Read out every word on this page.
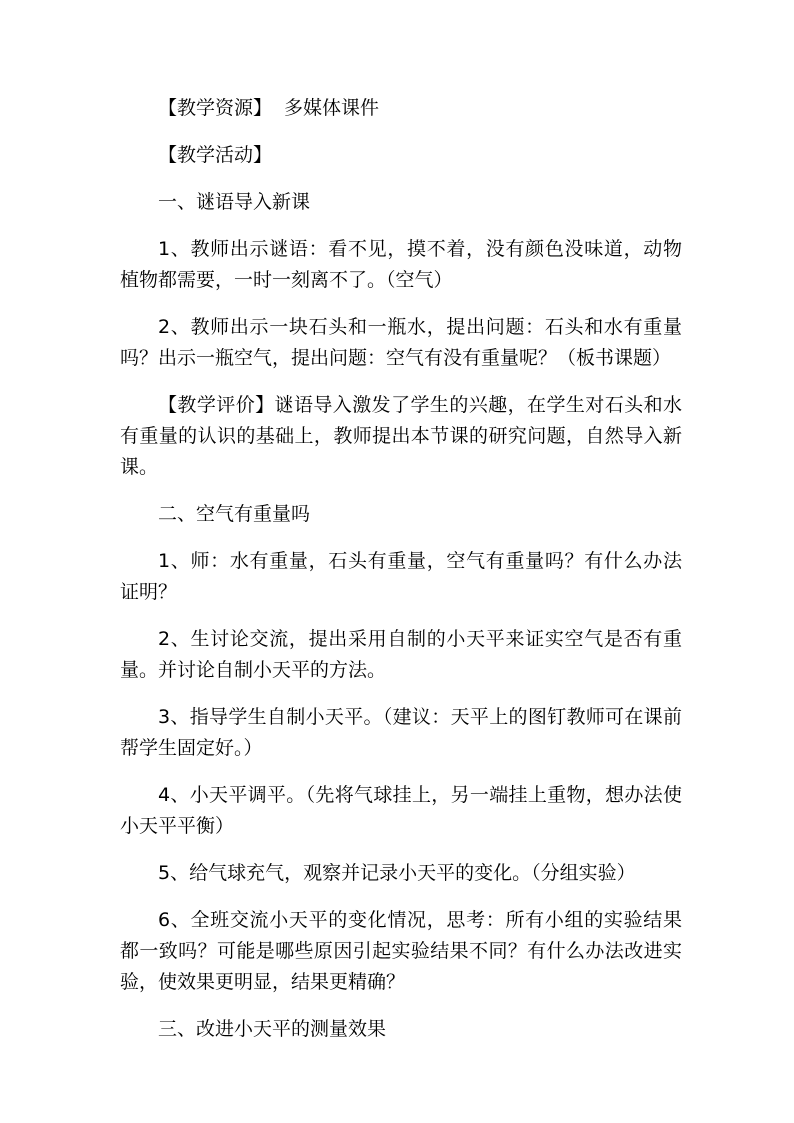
【教学资源】 多媒体课件

【教学活动】

一、谜语导入新课

1、教师出示谜语：看不见，摸不着，没有颜色没味道，动物植物都需要，一时一刻离不了。（空气）

2、教师出示一块石头和一瓶水，提出问题：石头和水有重量吗？出示一瓶空气，提出问题：空气有没有重量呢？（板书课题）

【教学评价】谜语导入激发了学生的兴趣，在学生对石头和水有重量的认识的基础上，教师提出本节课的研究问题，自然导入新课。

二、空气有重量吗

1、师：水有重量，石头有重量，空气有重量吗？有什么办法证明？

2、生讨论交流，提出采用自制的小天平来证实空气是否有重量。并讨论自制小天平的方法。

3、指导学生自制小天平。（建议：天平上的图钉教师可在课前帮学生固定好。）

4、小天平调平。（先将气球挂上，另一端挂上重物，想办法使小天平平衡）

5、给气球充气，观察并记录小天平的变化。（分组实验）

6、全班交流小天平的变化情况，思考：所有小组的实验结果都一致吗？可能是哪些原因引起实验结果不同？有什么办法改进实验，使效果更明显，结果更精确？

三、改进小天平的测量效果
